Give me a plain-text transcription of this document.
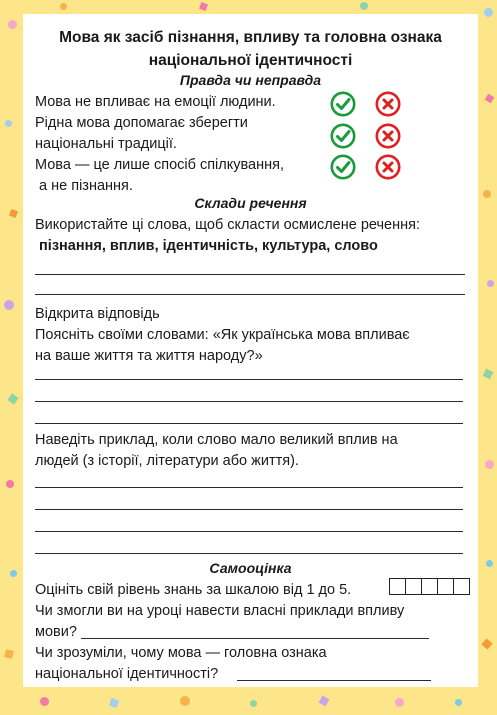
Мова як засіб пізнання, впливу та головна ознака національної ідентичності
Правда чи неправда

Мова не впливає на емоції людини.

Рідна мова допомагає зберегти
національні традиції.

Мова — це лише спосіб спілкування,
а не пізнання.

Склади речення

Використайте ці слова, щоб скласти осмислене речення:

пізнання, вплив, ідентичність, культура, слово

Відкрита відповідь

Поясніть своїми словами: «Як українська мова впливає
на ваше життя та життя народу?»

Наведіть приклад, коли слово мало великий вплив на
людей (з історії, літератури або життя).

Самооцінка

Оцініть свій рівень знань за шкалою від 1 до 5.

Чи змогли ви на уроці навести власні приклади впливу
мови?

Чи зрозуміли, чому мова — головна ознака
національної ідентичності?
